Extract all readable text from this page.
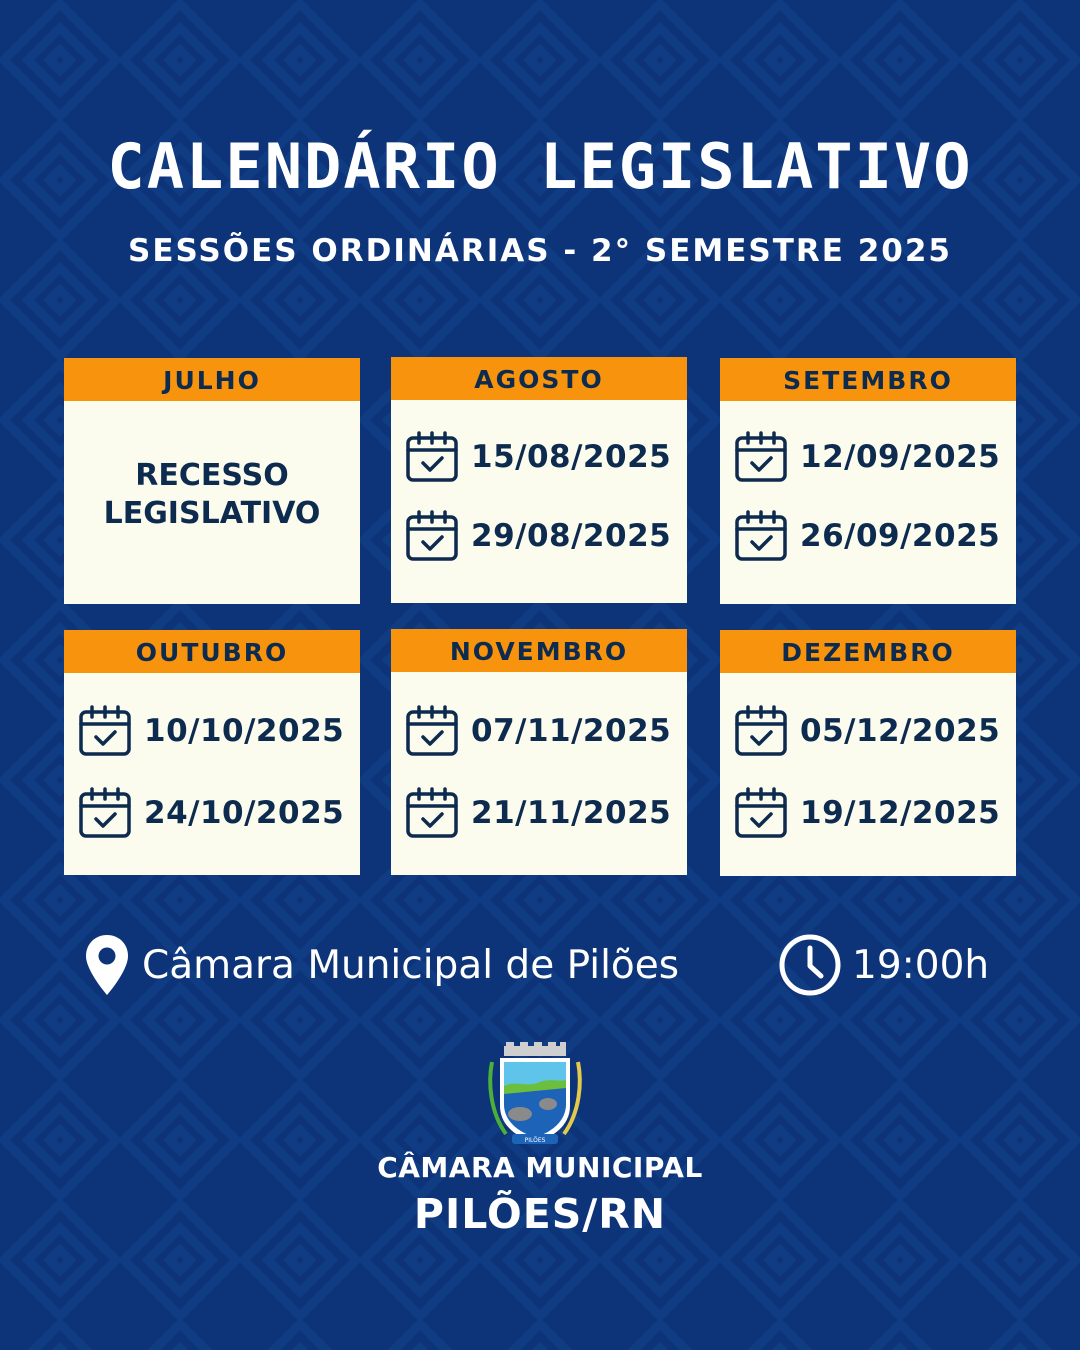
CALENDÁRIO LEGISLATIVO
SESSÕES ORDINÁRIAS - 2° SEMESTRE 2025
JULHO
RECESSO LEGISLATIVO
AGOSTO
15/08/2025
29/08/2025
SETEMBRO
12/09/2025
26/09/2025
OUTUBRO
10/10/2025
24/10/2025
NOVEMBRO
07/11/2025
21/11/2025
DEZEMBRO
05/12/2025
19/12/2025
Câmara Municipal de Pilões	19:00h
PILÕES
CÂMARA MUNICIPAL
PILÕES/RN
